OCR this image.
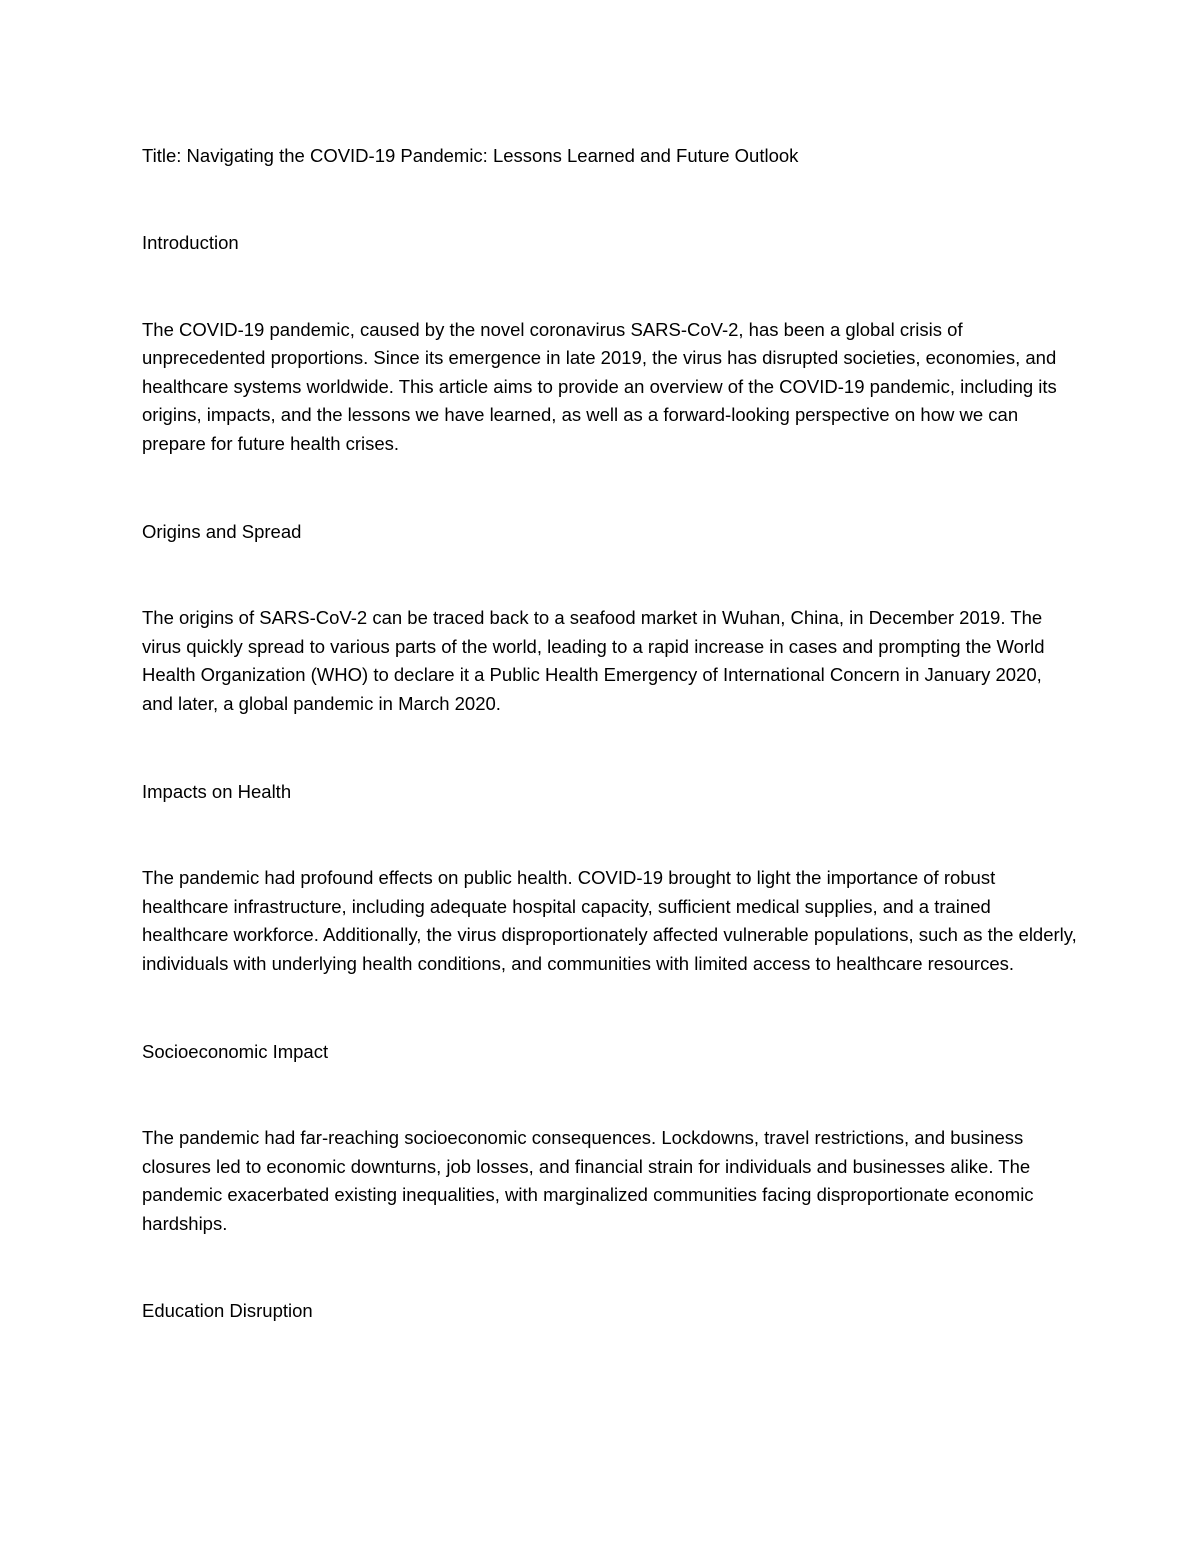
Title: Navigating the COVID-19 Pandemic: Lessons Learned and Future Outlook
Introduction

The COVID-19 pandemic, caused by the novel coronavirus SARS-CoV-2, has been a global crisis of unprecedented proportions. Since its emergence in late 2019, the virus has disrupted societies, economies, and healthcare systems worldwide. This article aims to provide an overview of the COVID-19 pandemic, including its origins, impacts, and the lessons we have learned, as well as a forward-looking perspective on how we can prepare for future health crises.

Origins and Spread

The origins of SARS-CoV-2 can be traced back to a seafood market in Wuhan, China, in December 2019. The virus quickly spread to various parts of the world, leading to a rapid increase in cases and prompting the World Health Organization (WHO) to declare it a Public Health Emergency of International Concern in January 2020, and later, a global pandemic in March 2020.

Impacts on Health

The pandemic had profound effects on public health. COVID-19 brought to light the importance of robust healthcare infrastructure, including adequate hospital capacity, sufficient medical supplies, and a trained healthcare workforce. Additionally, the virus disproportionately affected vulnerable populations, such as the elderly, individuals with underlying health conditions, and communities with limited access to healthcare resources.

Socioeconomic Impact

The pandemic had far-reaching socioeconomic consequences. Lockdowns, travel restrictions, and business closures led to economic downturns, job losses, and financial strain for individuals and businesses alike. The pandemic exacerbated existing inequalities, with marginalized communities facing disproportionate economic hardships.

Education Disruption
